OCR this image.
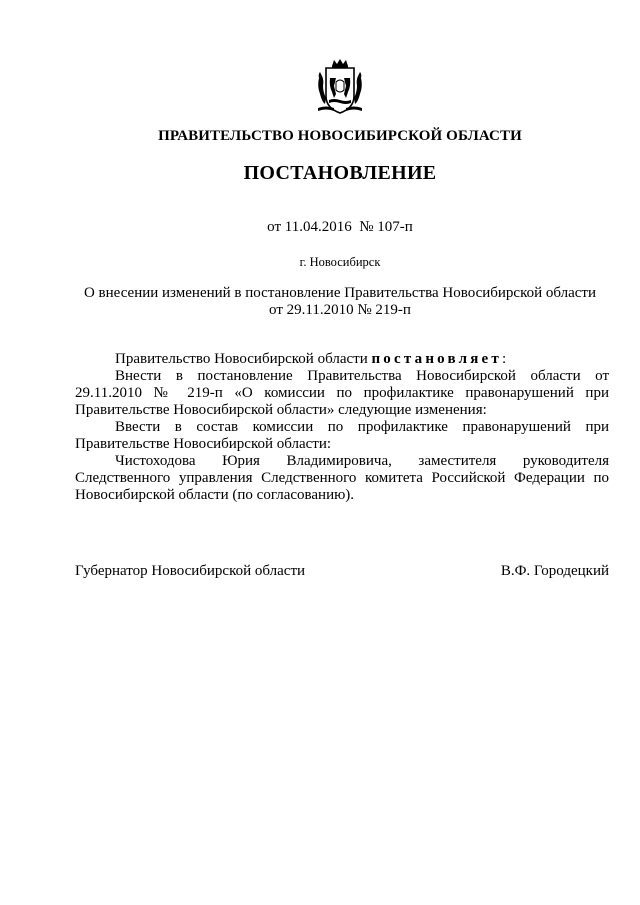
ПРАВИТЕЛЬСТВО НОВОСИБИРСКОЙ ОБЛАСТИ
ПОСТАНОВЛЕНИЕ
от 11.04.2016  № 107-п
г. Новосибирск
О внесении изменений в постановление Правительства Новосибирской области
от 29.11.2010 № 219-п

Правительство Новосибирской области постановляет:

Внести в постановление Правительства Новосибирской области от 29.11.2010 № 219-п «О комиссии по профилактике правонарушений при Правительстве Новосибирской области» следующие изменения:

Ввести в состав комиссии по профилактике правонарушений при Правительстве Новосибирской области:

Чистоходова Юрия Владимировича, заместителя руководителя Следственного управления Следственного комитета Российской Федерации по Новосибирской области (по согласованию).

Губернатор Новосибирской области	В.Ф. Городецкий
